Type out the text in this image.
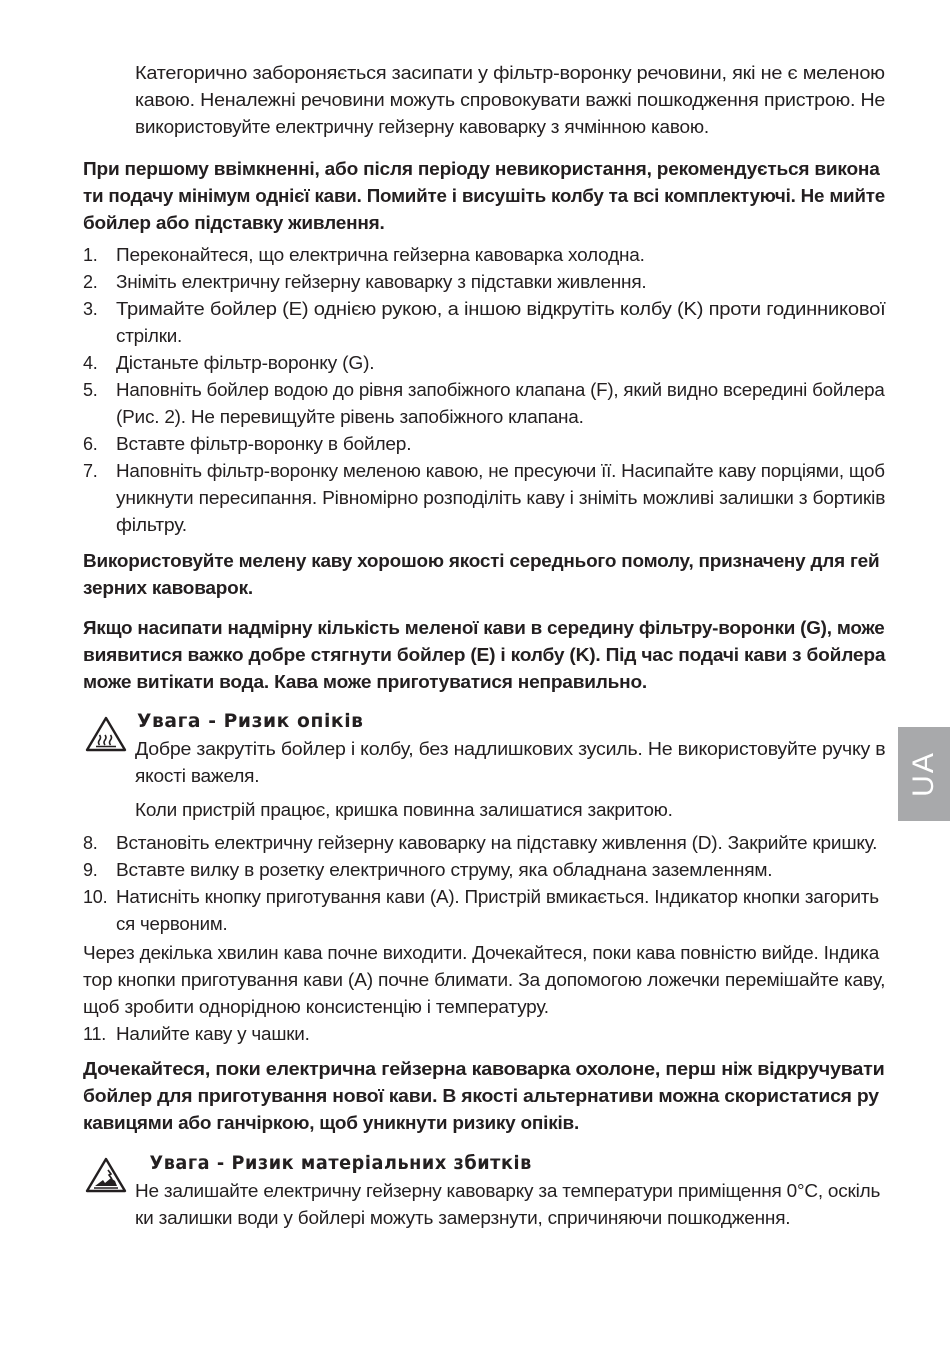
UA
Категорично забороняється засипати у фільтр-воронку речовини, які не є меленою
кавою. Неналежні речовини можуть спровокувати важкі пошкодження пристрою. Не
використовуйте електричну гейзерну кавоварку з ячмінною кавою.
При першому ввімкненні, або після періоду невикористання, рекомендується викона
ти подачу мінімум однієї кави. Помийте і висушіть колбу та всі комплектуючі. Не мийте
бойлер або підставку живлення.
1. Переконайтеся, що електрична гейзерна кавоварка холодна.
2. Зніміть електричну гейзерну кавоварку з підставки живлення.
3. Тримайте бойлер (E) однією рукою, а іншою відкрутіть колбу (K) проти годинникової
стрілки.
4. Дістаньте фільтр-воронку (G).
5. Наповніть бойлер водою до рівня запобіжного клапана (F), який видно всередині бойлера
(Рис. 2). Не перевищуйте рівень запобіжного клапана.
6. Вставте фільтр-воронку в бойлер.
7. Наповніть фільтр-воронку меленою кавою, не пресуючи її. Насипайте каву порціями, щоб
уникнути пересипання. Рівномірно розподіліть каву і зніміть можливі залишки з бортиків
фільтру.
Використовуйте мелену каву хорошою якості середнього помолу, призначену для гей
зерних кавоварок.
Якщо насипати надмірну кількість меленої кави в середину фільтру-воронки (G), може
виявитися важко добре стягнути бойлер (E) і колбу (K). Під час подачі кави з бойлера
може витікати вода. Кава може приготуватися неправильно.
Увага - Ризик опіків
Добре закрутіть бойлер і колбу, без надлишкових зусиль. Не використовуйте ручку в
якості важеля.
Коли пристрій працює, кришка повинна залишатися закритою.
8. Встановіть електричну гейзерну кавоварку на підставку живлення (D). Закрийте кришку.
9. Вставте вилку в розетку електричного струму, яка обладнана заземленням.
10. Натисніть кнопку приготування кави (A). Пристрій вмикається. Індикатор кнопки загорить
ся червоним.
Через декілька хвилин кава почне виходити. Дочекайтеся, поки кава повністю вийде. Індика
тор кнопки приготування кави (A) почне блимати. За допомогою ложечки перемішайте каву,
щоб зробити однорідною консистенцію і температуру.
11. Налийте каву у чашки.
Дочекайтеся, поки електрична гейзерна кавоварка охолоне, перш ніж відкручувати
бойлер для приготування нової кави. В якості альтернативи можна скористатися ру
кавицями або ганчіркою, щоб уникнути ризику опіків.
Увага - Ризик матеріальних збитків
Не залишайте електричну гейзерну кавоварку за температури приміщення 0°C, оскіль
ки залишки води у бойлері можуть замерзнути, спричиняючи пошкодження.
